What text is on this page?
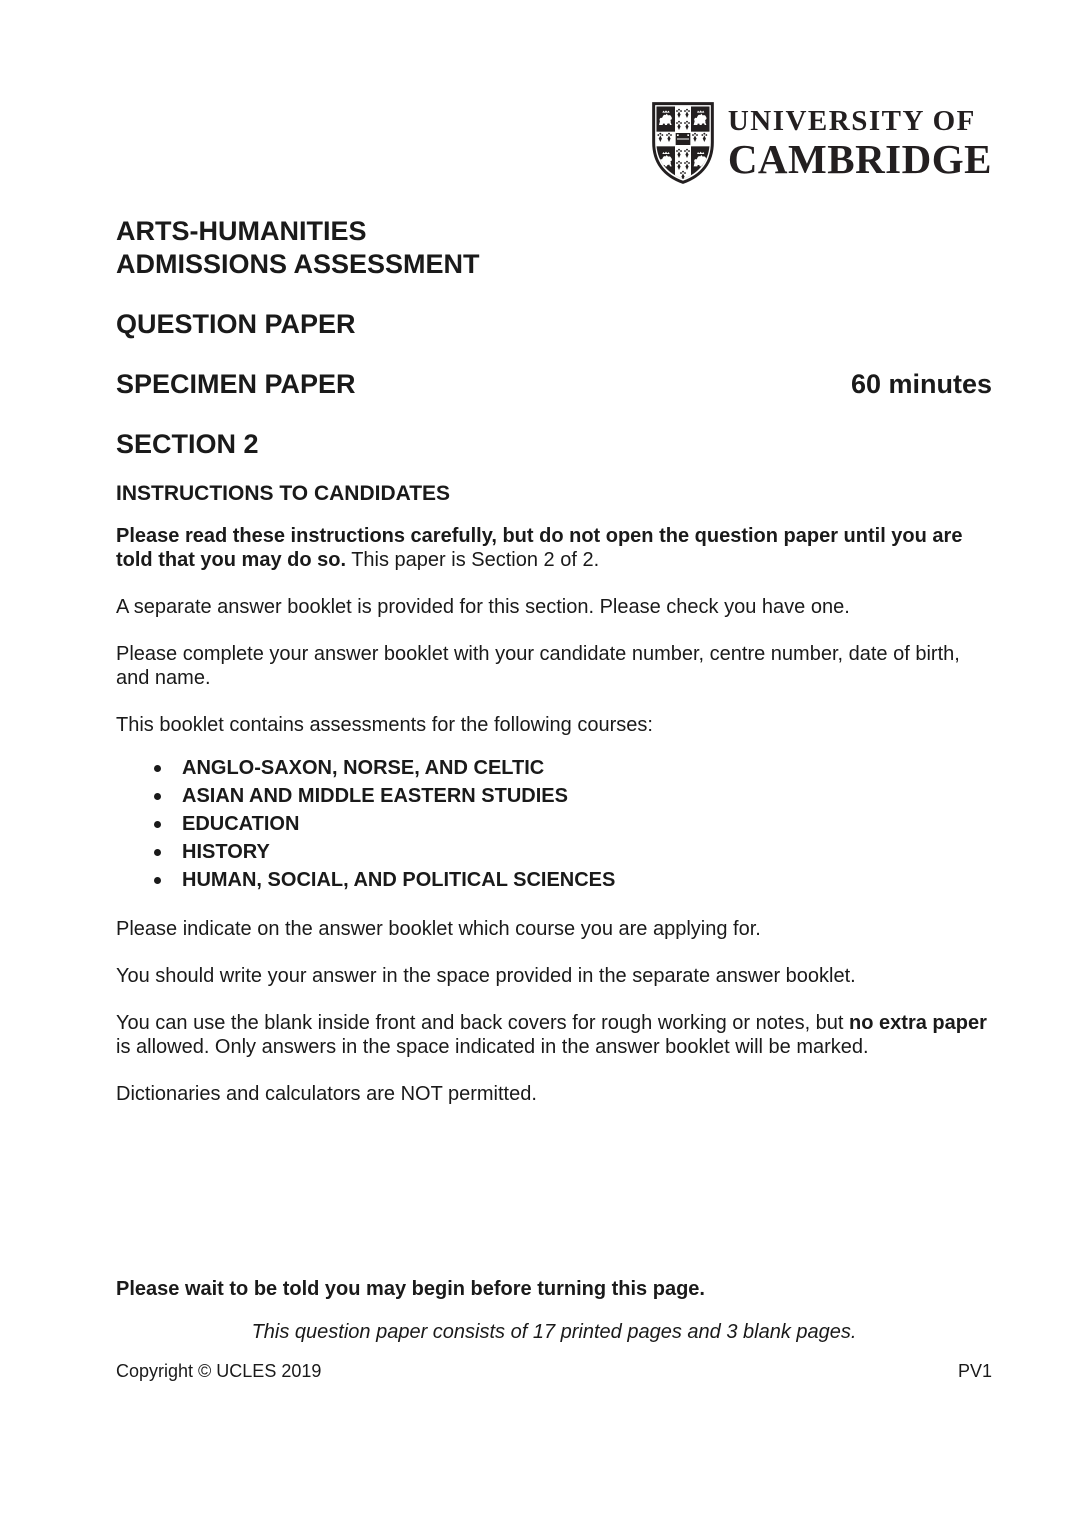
UNIVERSITY OF
CAMBRIDGE
ARTS-HUMANITIES
ADMISSIONS ASSESSMENT
QUESTION PAPER
SPECIMEN PAPER	60 minutes
SECTION 2
INSTRUCTIONS TO CANDIDATES

Please read these instructions carefully, but do not open the question paper until you are told that you may do so. This paper is Section 2 of 2.

A separate answer booklet is provided for this section. Please check you have one.

Please complete your answer booklet with your candidate number, centre number, date of birth, and name.

This booklet contains assessments for the following courses:

ANGLO-SAXON, NORSE, AND CELTIC
ASIAN AND MIDDLE EASTERN STUDIES
EDUCATION
HISTORY
HUMAN, SOCIAL, AND POLITICAL SCIENCES

Please indicate on the answer booklet which course you are applying for.

You should write your answer in the space provided in the separate answer booklet.

You can use the blank inside front and back covers for rough working or notes, but no extra paper is allowed. Only answers in the space indicated in the answer booklet will be marked.

Dictionaries and calculators are NOT permitted.

Please wait to be told you may begin before turning this page.

This question paper consists of 17 printed pages and 3 blank pages.

Copyright © UCLES 2019	PV1
